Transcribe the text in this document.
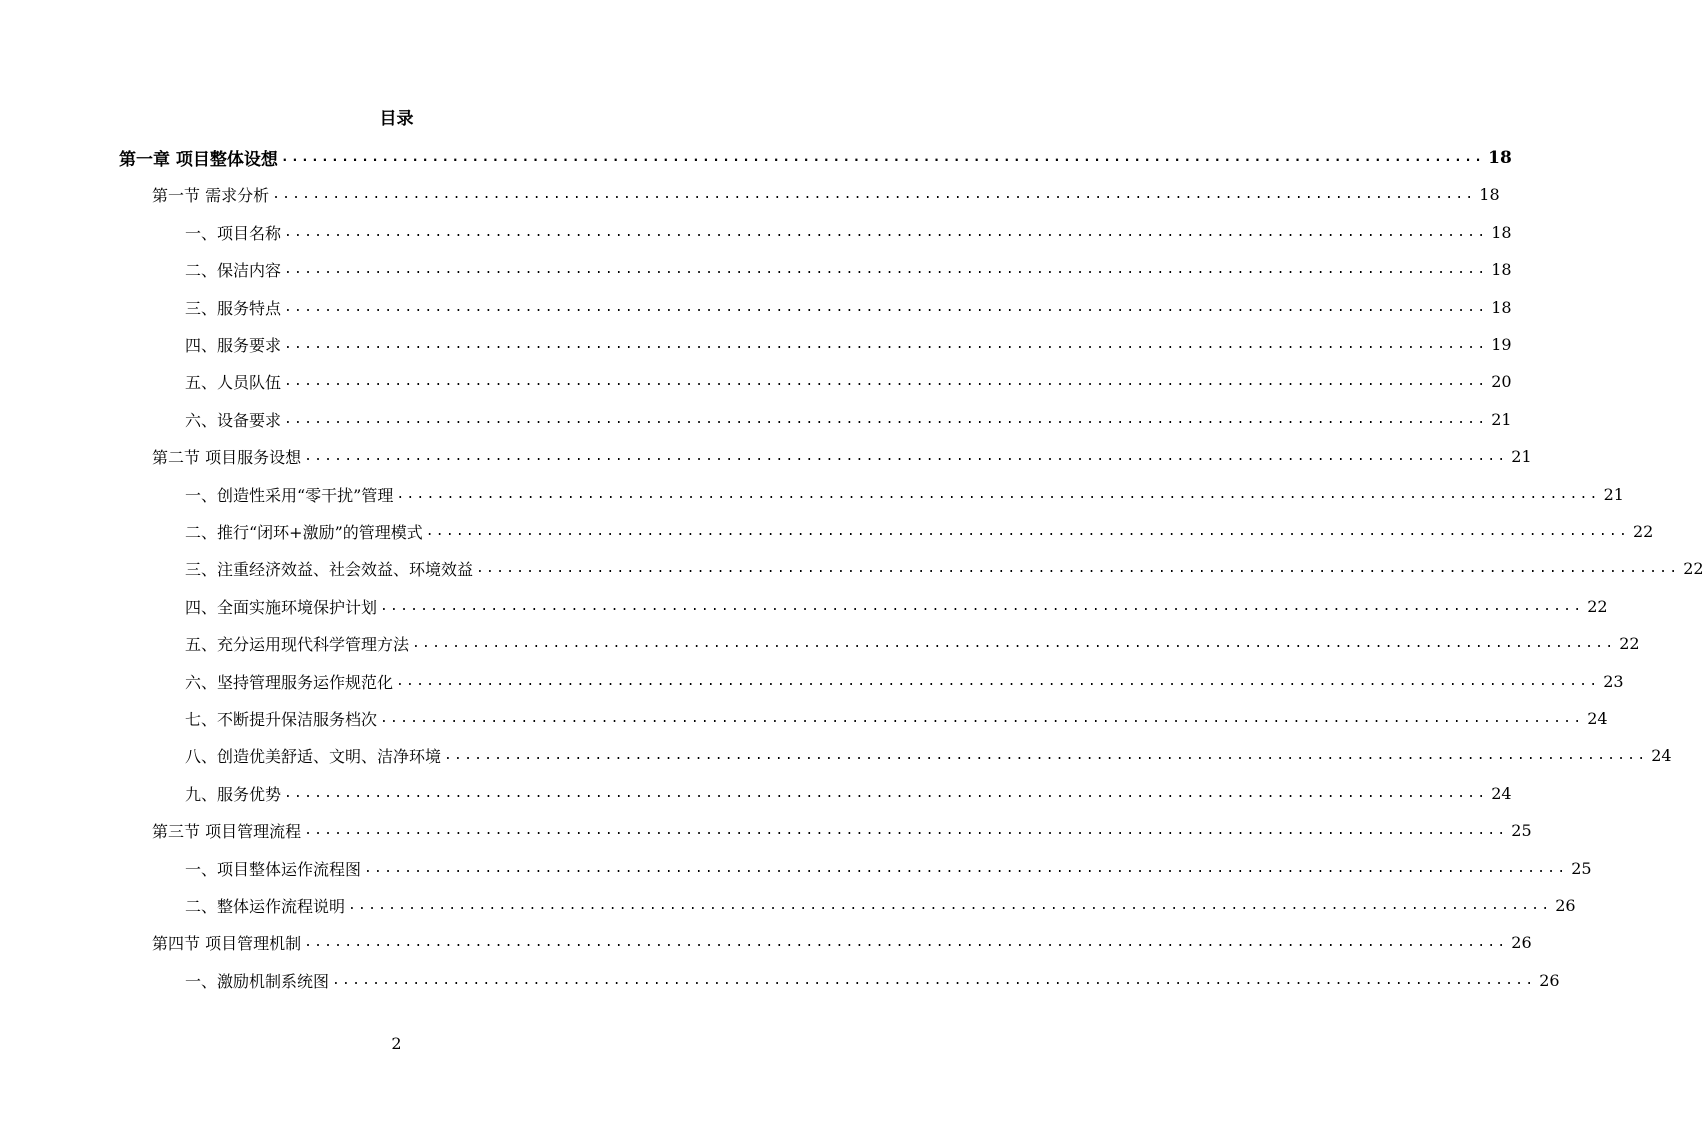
目录
第一章 项目整体设想 ........................................................................................................................ 18
第一节 需求分析 ........................................................................................................................ 18
一、项目名称 ........................................................................................................................ 18
二、保洁内容 ........................................................................................................................ 18
三、服务特点 ........................................................................................................................ 18
四、服务要求 ........................................................................................................................ 19
五、人员队伍 ........................................................................................................................ 20
六、设备要求 ........................................................................................................................ 21
第二节 项目服务设想 ........................................................................................................................ 21
一、创造性采用“零干扰”管理 ........................................................................................................................ 21
二、推行“闭环+激励”的管理模式 ........................................................................................................................ 22
三、注重经济效益、社会效益、环境效益 ........................................................................................................................ 22
四、全面实施环境保护计划 ........................................................................................................................ 22
五、充分运用现代科学管理方法 ........................................................................................................................ 22
六、坚持管理服务运作规范化 ........................................................................................................................ 23
七、不断提升保洁服务档次 ........................................................................................................................ 24
八、创造优美舒适、文明、洁净环境 ........................................................................................................................ 24
九、服务优势 ........................................................................................................................ 24
第三节 项目管理流程 ........................................................................................................................ 25
一、项目整体运作流程图 ........................................................................................................................ 25
二、整体运作流程说明 ........................................................................................................................ 26
第四节 项目管理机制 ........................................................................................................................ 26
一、激励机制系统图 ........................................................................................................................ 26
2
